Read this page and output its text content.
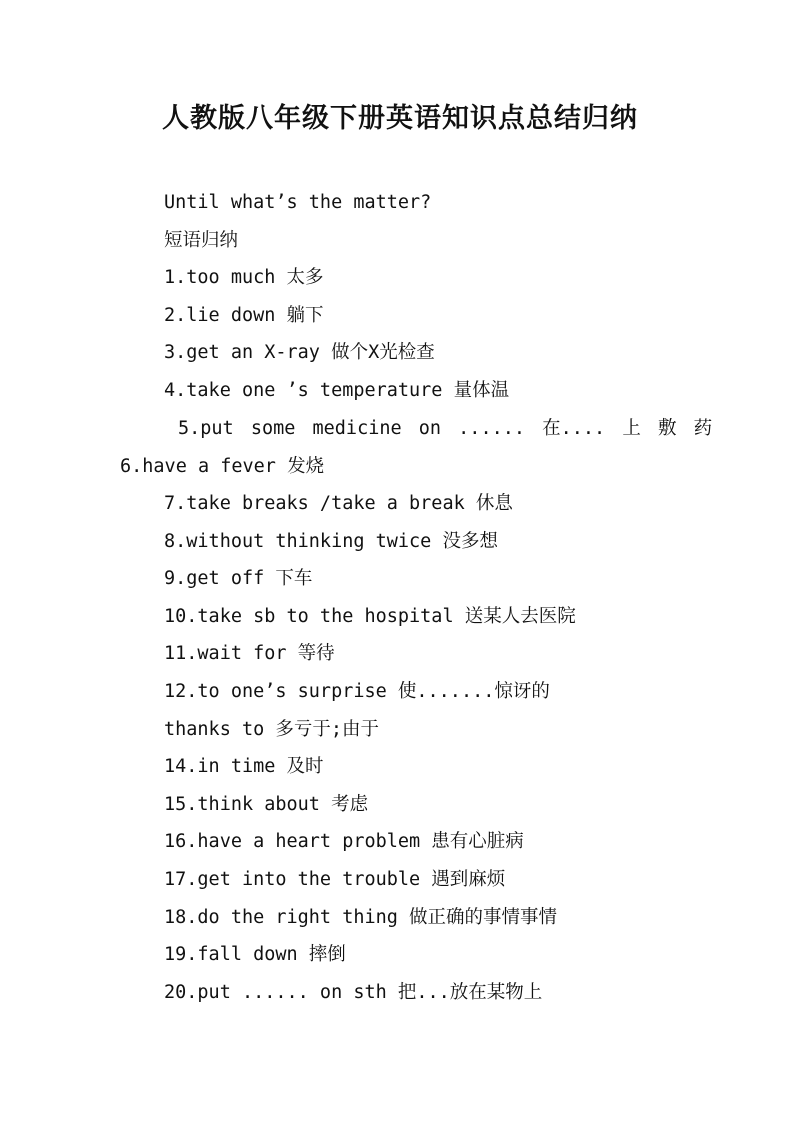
人教版八年级下册英语知识点总结归纳
Until what’s the matter?
短语归纳
1.too much 太多
2.lie down 躺下
3.get an X-ray 做个X光检查
4.take one ’s temperature 量体温
5.put some medicine on ...... 在.... 上 敷 药
6.have a fever 发烧
7.take breaks /take a break 休息
8.without thinking twice 没多想
9.get off 下车
10.take sb to the hospital 送某人去医院
11.wait for 等待
12.to one’s surprise 使.......惊讶的
thanks to 多亏于;由于
14.in time 及时
15.think about 考虑
16.have a heart problem 患有心脏病
17.get into the trouble 遇到麻烦
18.do the right thing 做正确的事情事情
19.fall down 摔倒
20.put ...... on sth 把...放在某物上
